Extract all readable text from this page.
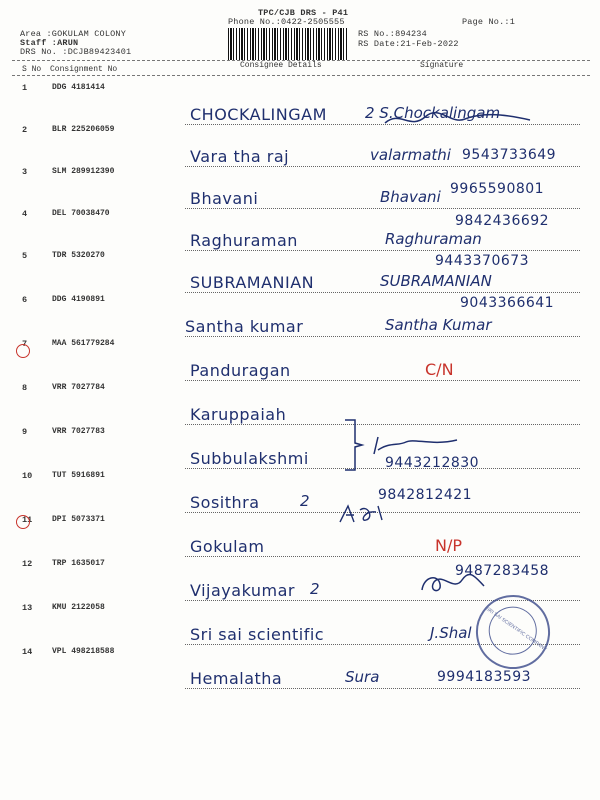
TPC/CJB DRS - P41
Phone No.:0422-2505555	Page No.:1
Area :GOKULAM COLONY
Staff :ARUN
DRS No. :DCJB89423401
RS No.:894234
RS Date:21-Feb-2022
S No Consignment No	Consignee Details	Signature
1	DDG 4181414
CHOCKALINGAM	2 S.Chockalingam
2	BLR 225206059
Vara tha raj	valarmathi 9543733649
3	SLM 289912390
Bhavani	Bhavani 9965590801
4	DEL 70038470
Raghuraman	Raghuraman
9842436692
5	TDR 5320270
SUBRAMANIAN	SUBRAMANIAN
9443370673
6	DDG 4190891
Santha kumar	Santha Kumar
9043366641
7	MAA 561779284
Panduragan	C/N
8	VRR 7027784
Karuppaiah
9	VRR 7027783
Subbulakshmi	9443212830
10 TUT 5916891
Sosithra	2	9842812421
11 DPI 5073371
Gokulam	N/P
12 TRP 1635017
Vijayakumar 2
9487283458
13 KMU 2122058
Sri sai scientific	J.Shal
14 VPL 498218588
Hemalatha	Sura	9994183593
SRI SAI SCIENTIFIC COMPANY
